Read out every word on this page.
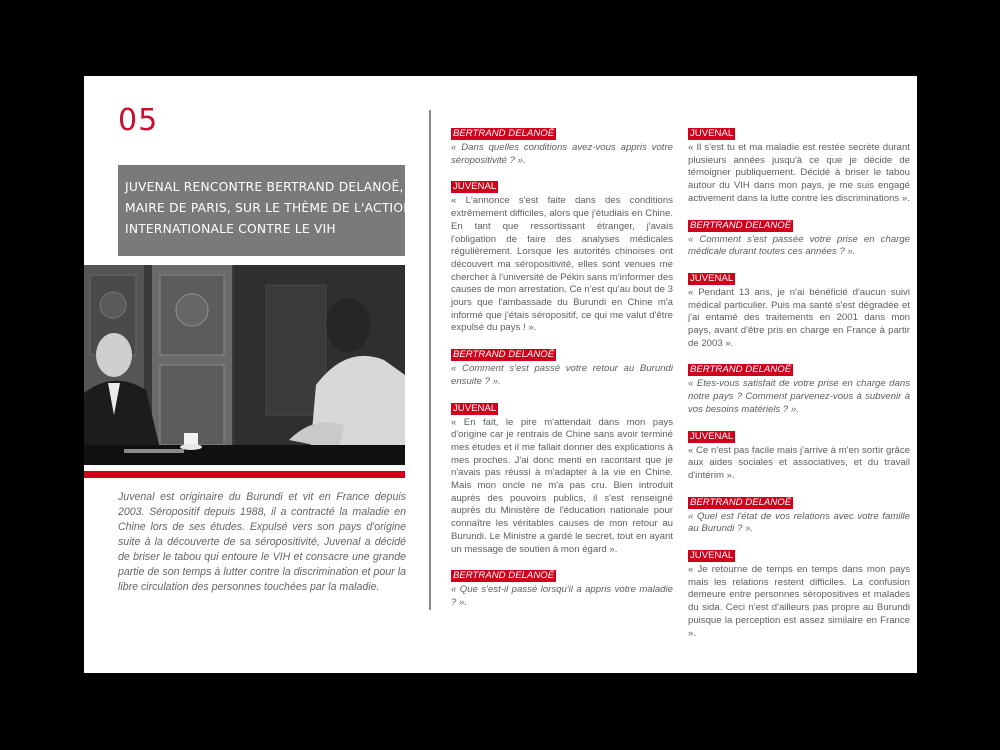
05
JUVENAL RENCONTRE BERTRAND DELANOË,
MAIRE DE PARIS, SUR LE THÈME DE L'ACTION
INTERNATIONALE CONTRE LE VIH

Juvenal est originaire du Burundi et vit en France depuis 2003. Séropositif depuis 1988, il a contracté la maladie en Chine lors de ses études. Expulsé vers son pays d'origine suite à la découverte de sa séropositivité, Juvenal a décidé de briser le tabou qui entoure le VIH et consacre une grande partie de son temps à lutter contre la discrimination et pour la libre circulation des personnes touchées par la maladie.

BERTRAND DELANOË

« Dans quelles conditions avez-vous appris votre séropositivité ? ».

JUVENAL

« L'annonce s'est faite dans des conditions extrêmement difficiles, alors que j'étudiais en Chine. En tant que ressortissant étranger, j'avais l'obligation de faire des analyses médicales régulièrement. Lorsque les autorités chinoises ont découvert ma séropositivité, elles sont venues me chercher à l'université de Pékin sans m'informer des causes de mon arrestation. Ce n'est qu'au bout de 3 jours que l'ambassade du Burundi en Chine m'a informé que j'étais séropositif, ce qui me valut d'être expulsé du pays ! ».

BERTRAND DELANOË

« Comment s'est passé votre retour au Burundi ensuite ? ».

JUVENAL

« En fait, le pire m'attendait dans mon pays d'origine car je rentrais de Chine sans avoir terminé mes études et il me fallait donner des explications à mes proches. J'ai donc menti en racontant que je n'avais pas réussi à m'adapter à la vie en Chine. Mais mon oncle ne m'a pas cru. Bien introduit auprès des pouvoirs publics, il s'est renseigné auprès du Ministère de l'éducation nationale pour connaître les véritables causes de mon retour au Burundi. Le Ministre a gardé le secret, tout en ayant un message de soutien à mon égard ».

BERTRAND DELANOË

« Que s'est-il passé lorsqu'il a appris votre maladie ? ».

JUVENAL

« Il s'est tu et ma maladie est restée secrète durant plusieurs années jusqu'à ce que je décide de témoigner publiquement. Décidé à briser le tabou autour du VIH dans mon pays, je me suis engagé activement dans la lutte contre les discriminations ».

BERTRAND DELANOË

« Comment s'est passée votre prise en charge médicale durant toutes ces années ? ».

JUVENAL

« Pendant 13 ans, je n'ai bénéficié d'aucun suivi médical particulier. Puis ma santé s'est dégradée et j'ai entamé des traitements en 2001 dans mon pays, avant d'être pris en charge en France à partir de 2003 ».

BERTRAND DELANOË

« Etes-vous satisfait de votre prise en charge dans notre pays ? Comment parvenez-vous à subvenir à vos besoins matériels ? ».

JUVENAL

« Ce n'est pas facile mais j'arrive à m'en sortir grâce aux aides sociales et associatives, et du travail d'intérim ».

BERTRAND DELANOË

« Quel est l'état de vos relations avec votre famille au Burundi ? ».

JUVENAL

« Je retourne de temps en temps dans mon pays mais les relations restent difficiles. La confusion demeure entre personnes séropositives et malades du sida. Ceci n'est d'ailleurs pas propre au Burundi puisque la perception est assez similaire en France ».
